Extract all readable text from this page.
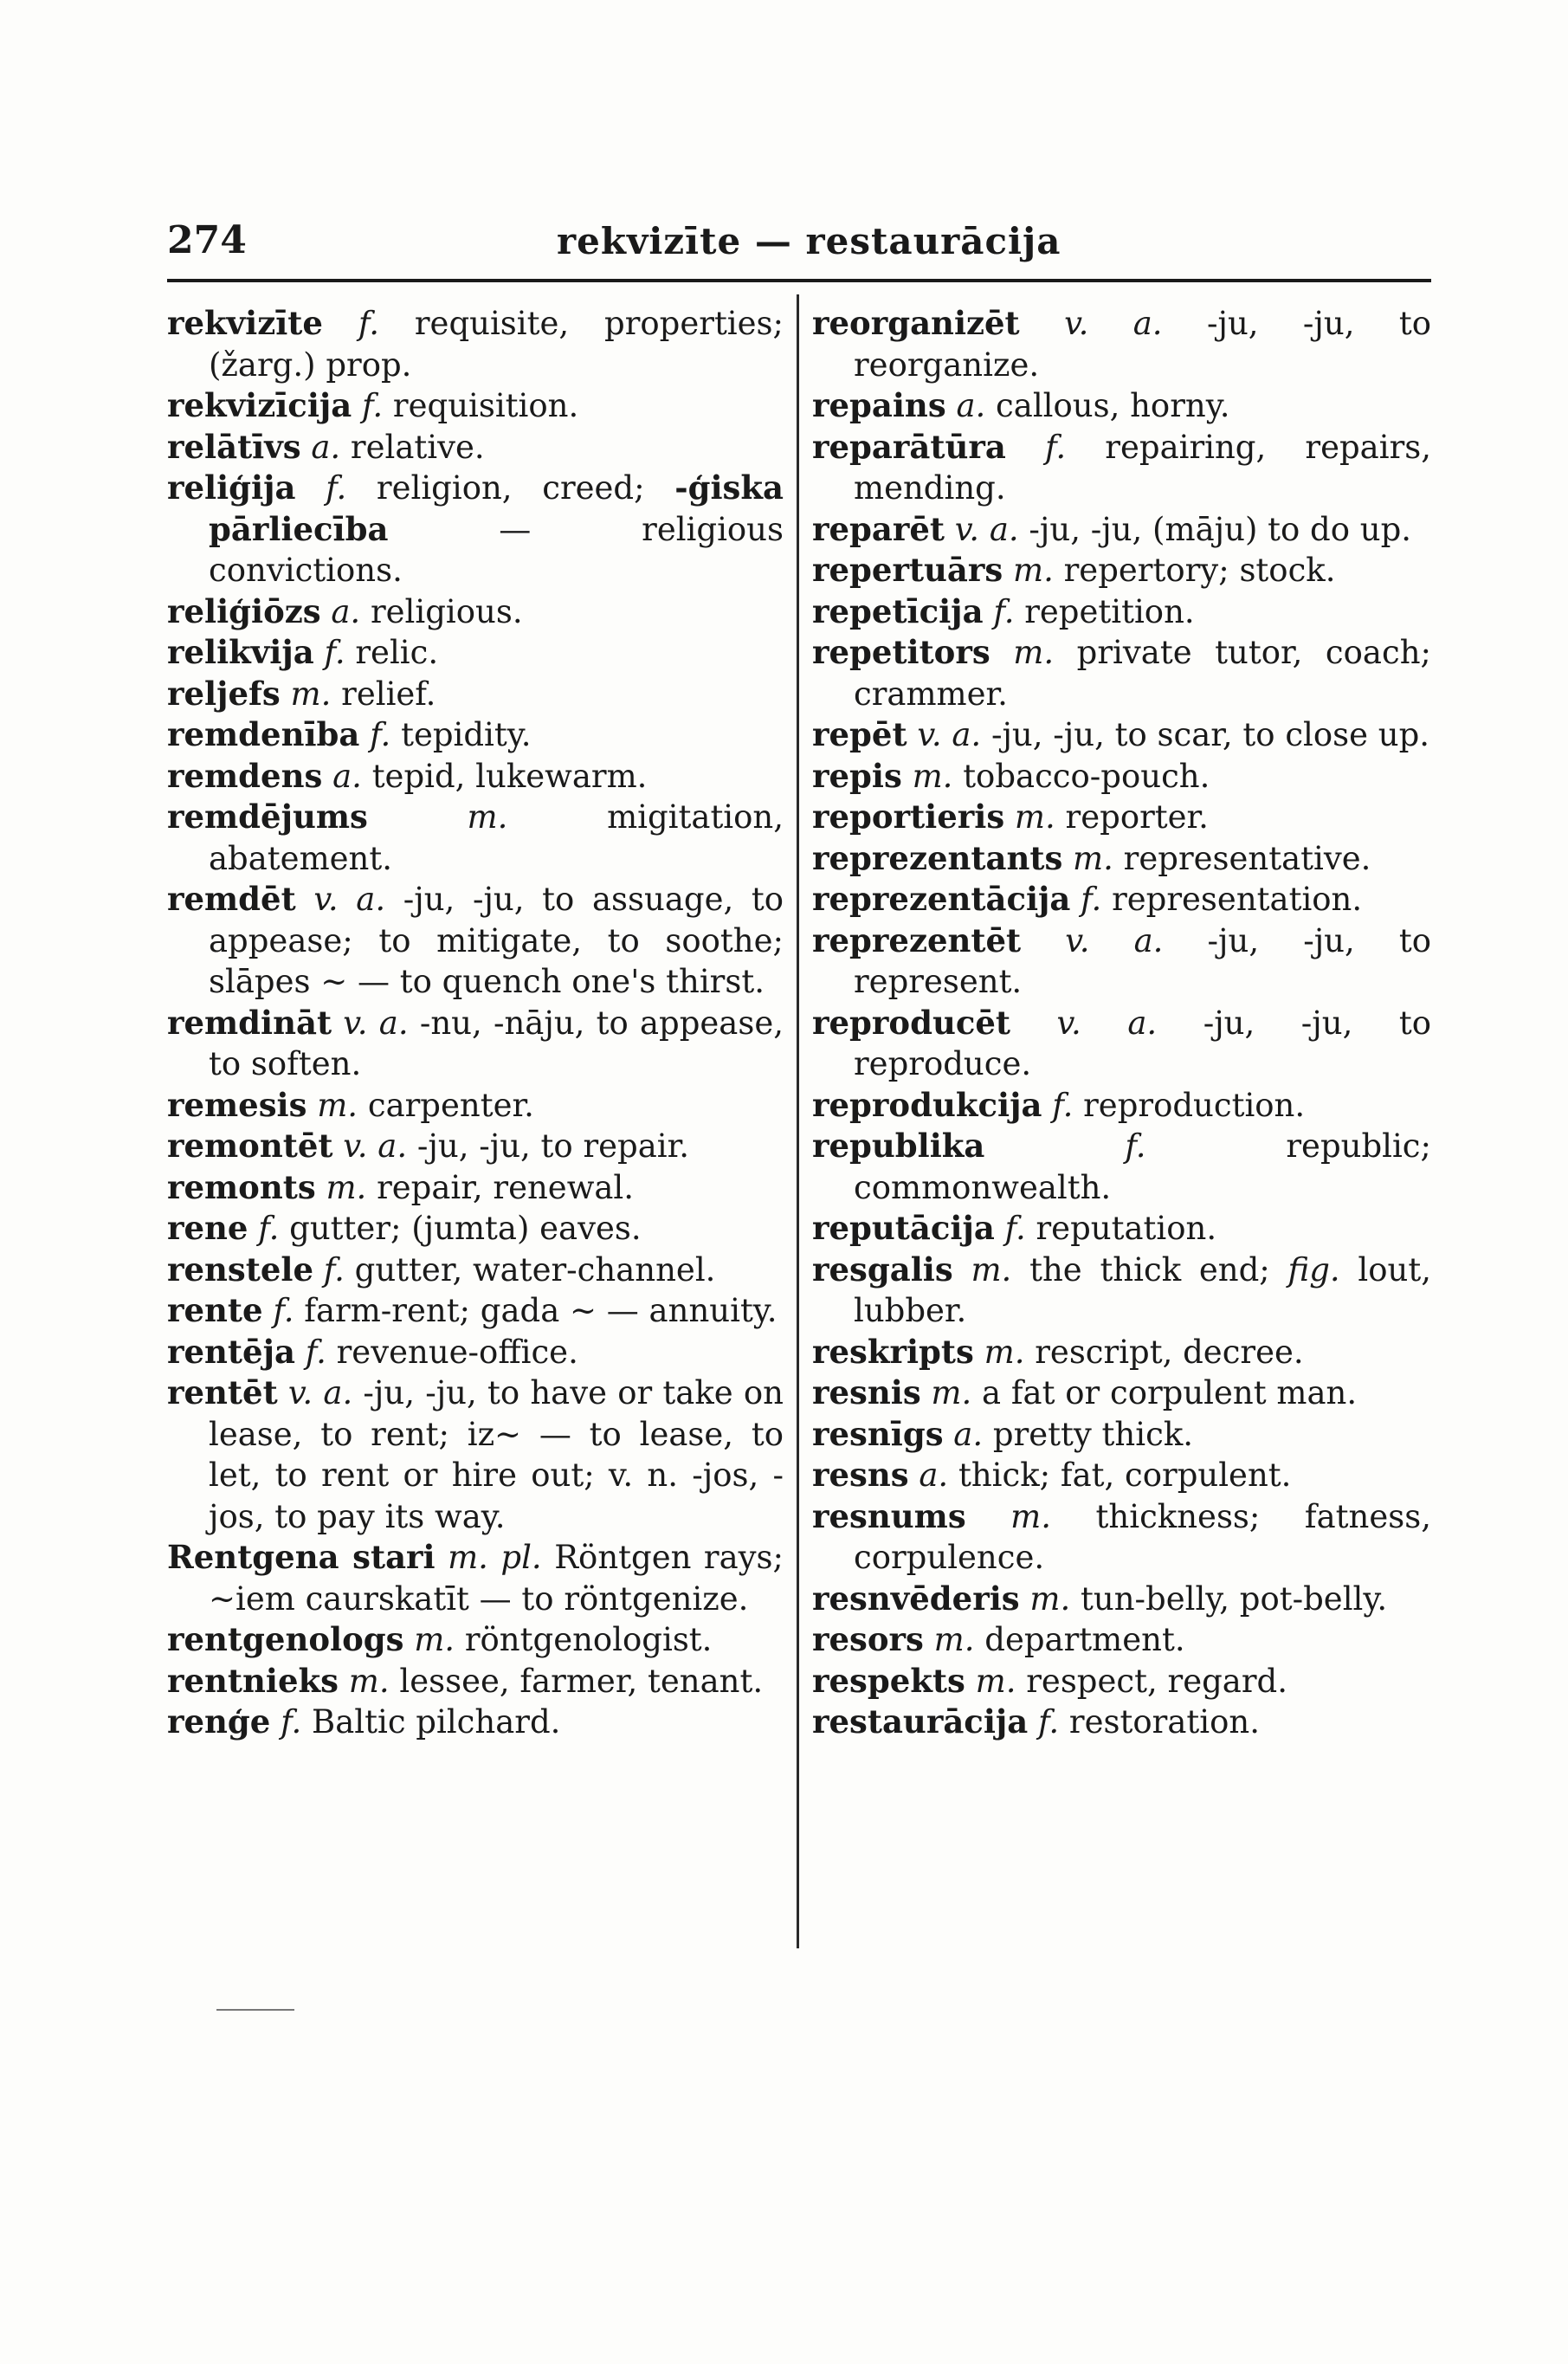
274	rekvizīte — restaurācija
rekvizīte f. requisite, properties; (žarg.) prop.
rekvizīcija f. requisition.
relātīvs a. relative.
reliģija f. religion, creed; -ģiska pārliecība — religious convictions.
reliģiōzs a. religious.
relikvija f. relic.
reljefs m. relief.
remdenība f. tepidity.
remdens a. tepid, lukewarm.
remdējums	m.	migitation, abatement.
remdēt v. a. -ju, -ju, to assuage, to appease; to mitigate, to soothe; slāpes ~ — to quench one's thirst.
remdināt v. a. -nu, -nāju, to appease, to soften.
remesis m. carpenter.
remontēt v. a. -ju, -ju, to repair.
remonts m. repair, renewal.
rene f. gutter; (jumta) eaves.
renstele f. gutter, water-channel.
rente f. farm-rent; gada ~ — annuity.
rentēja f. revenue-office.
rentēt v. a. -ju, -ju, to have or take on lease, to rent; iz~ — to lease, to let, to rent or hire out; v. n. -jos, -jos, to pay its way.
Rentgena stari m. pl. Röntgen rays; ~iem caurskatīt — to röntgenize.
rentgenologs m. röntgenologist.
rentnieks m. lessee, farmer, tenant.
renģe f. Baltic pilchard.
reorganizēt v. a. -ju, -ju, to reorganize.
repains a. callous, horny.
reparātūra f. repairing, repairs, mending.
reparēt v. a. -ju, -ju, (māju) to do up.
repertuārs m. repertory; stock.
repetīcija f. repetition.
repetitors m. private tutor, coach; crammer.
repēt v. a. -ju, -ju, to scar, to close up.
repis m. tobacco-pouch.
reportieris m. reporter.
reprezentants m. representative.
reprezentācija f. representation.
reprezentēt v. a. -ju, -ju, to represent.
reproducēt v. a. -ju, -ju, to reproduce.
reprodukcija f. reproduction.
republika	f.	republic; commonwealth.
reputācija f. reputation.
resgalis m. the thick end; fig. lout, lubber.
reskripts m. rescript, decree.
resnis m. a fat or corpulent man.
resnīgs a. pretty thick.
resns a. thick; fat, corpulent.
resnums m. thickness; fatness, corpulence.
resnvēderis m. tun-belly, pot-belly.
resors m. department.
respekts m. respect, regard.
restaurācija f. restoration.
